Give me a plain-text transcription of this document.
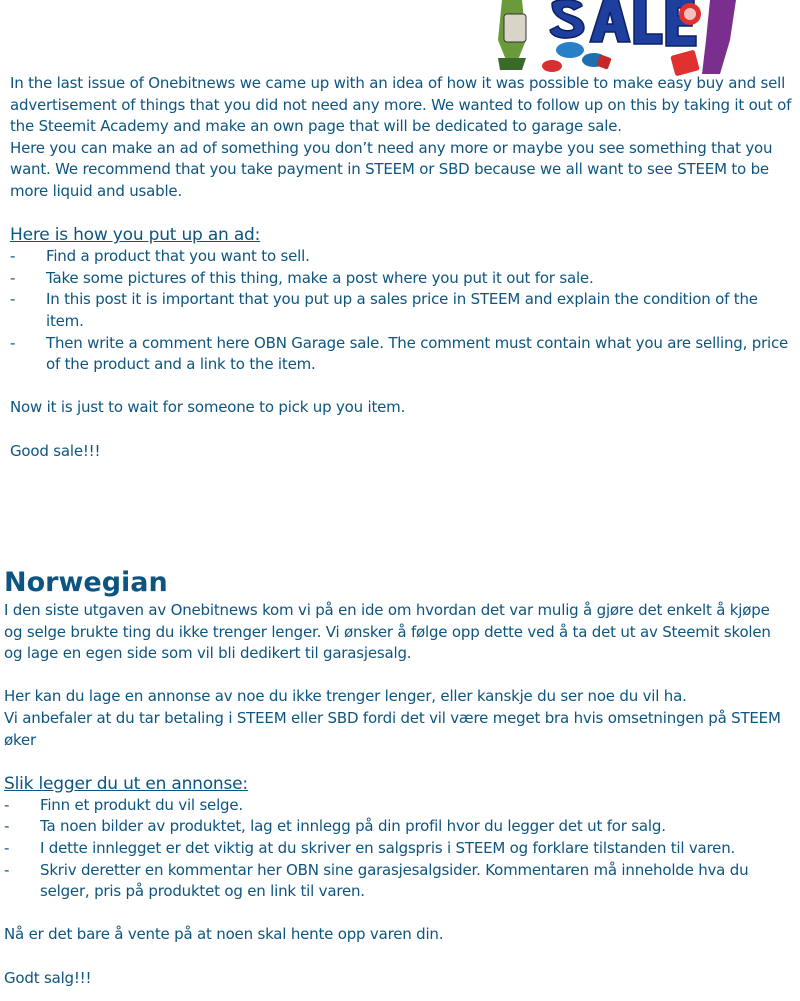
In the last issue of Onebitnews we came up with an idea of how it was possible to make easy buy and sell advertisement of things that you did not need any more. We wanted to follow up on this by taking it out of the Steemit Academy and make an own page that will be dedicated to garage sale.

Here you can make an ad of something you don’t need any more or maybe you see something that you want. We recommend that you take payment in STEEM or SBD because we all want to see STEEM to be more liquid and usable.

Here is how you put up an ad:

- Find a product that you want to sell.
- Take some pictures of this thing, make a post where you put it out for sale.
- In this post it is important that you put up a sales price in STEEM and explain the condition of the item.
- Then write a comment here OBN Garage sale. The comment must contain what you are selling, price of the product and a link to the item.

Now it is just to wait for someone to pick up you item.

Good sale!!!

Norwegian

I den siste utgaven av Onebitnews kom vi på en ide om hvordan det var mulig å gjøre det enkelt å kjøpe og selge brukte ting du ikke trenger lenger. Vi ønsker å følge opp dette ved å ta det ut av Steemit skolen og lage en egen side som vil bli dedikert til garasjesalg.

Her kan du lage en annonse av noe du ikke trenger lenger, eller kanskje du ser noe du vil ha.

Vi anbefaler at du tar betaling i STEEM eller SBD fordi det vil være meget bra hvis omsetningen på STEEM øker

Slik legger du ut en annonse:

- Finn et produkt du vil selge.
- Ta noen bilder av produktet, lag et innlegg på din profil hvor du legger det ut for salg.
- I dette innlegget er det viktig at du skriver en salgspris i STEEM og forklare tilstanden til varen.
- Skriv deretter en kommentar her OBN sine garasjesalgsider. Kommentaren må inneholde hva du selger, pris på produktet og en link til varen.

Nå er det bare å vente på at noen skal hente opp varen din.

Godt salg!!!
